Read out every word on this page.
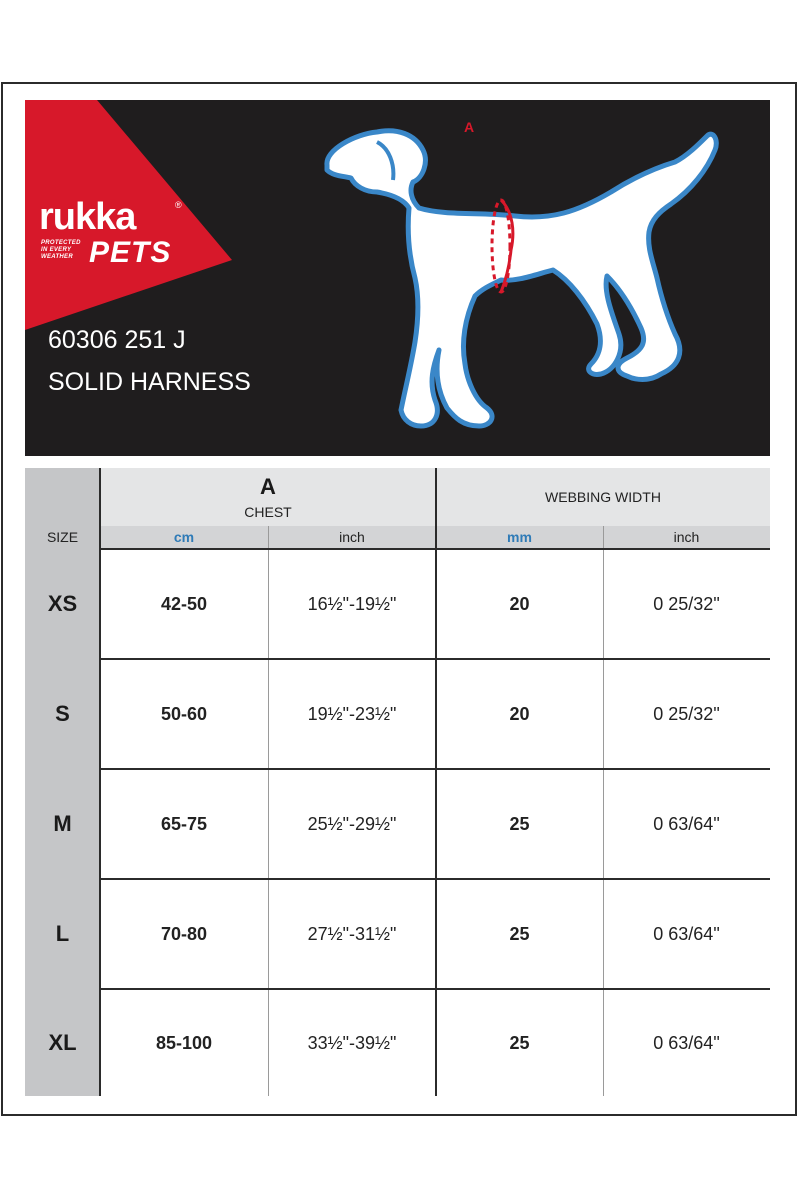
rukka	®
PROTECTED IN EVERY WEATHER PETS
60306 251 J
SOLID HARNESS
A
SIZE
A
CHEST
WEBBING WIDTH
cm	inch	mm	inch
XS	42-50	16½"-19½"	20	0 25/32"
S	50-60	19½"-23½"	20	0 25/32"
M	65-75	25½"-29½"	25	0 63/64"
L	70-80	27½"-31½"	25	0 63/64"
XL	85-100	33½"-39½"	25	0 63/64"
